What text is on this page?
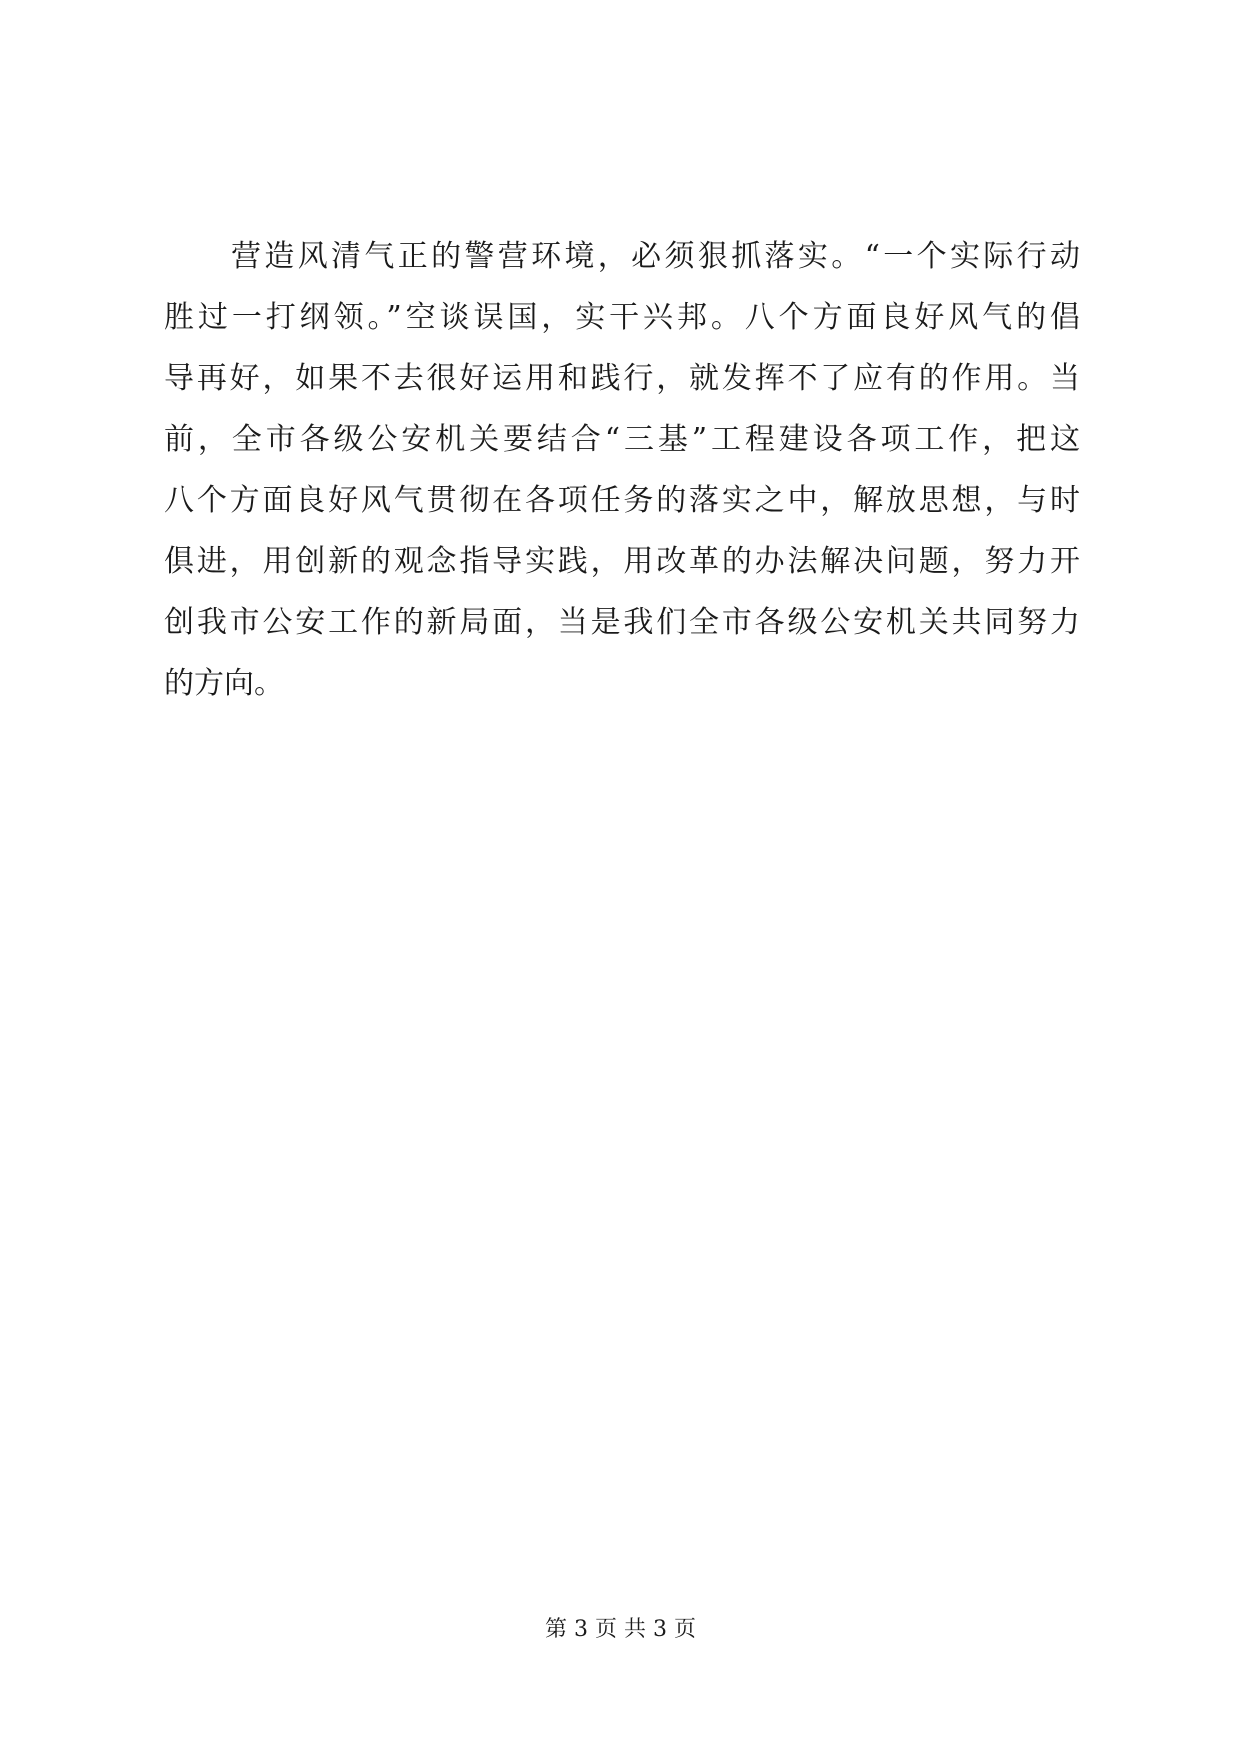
营造风清气正的警营环境，必须狠抓落实。“一个实际行动
胜过一打纲领。”空谈误国，实干兴邦。八个方面良好风气的倡
导再好，如果不去很好运用和践行，就发挥不了应有的作用。当
前，全市各级公安机关要结合“三基”工程建设各项工作，把这
八个方面良好风气贯彻在各项任务的落实之中，解放思想，与时
俱进，用创新的观念指导实践，用改革的办法解决问题，努力开
创我市公安工作的新局面，当是我们全市各级公安机关共同努力
的方向。
第 3 页 共 3 页
